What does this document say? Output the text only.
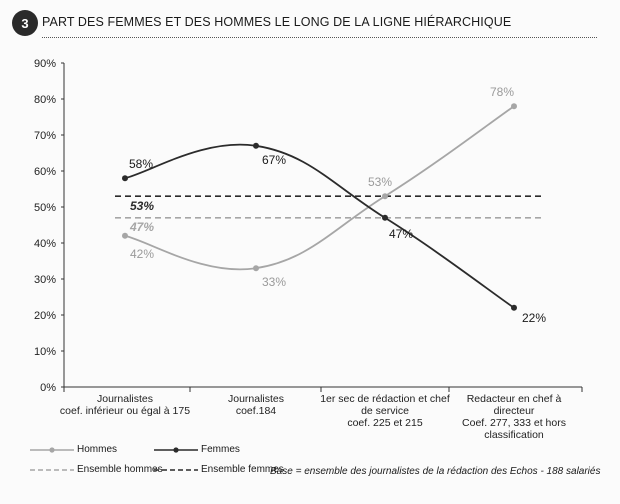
3	PART DES FEMMES ET DES HOMMES LE LONG DE LA LIGNE HIÉRARCHIQUE
0%
10%
20%
30%
40%
50%
60%
70%
80%
90%
Journalistes coef. inférieur ou égal à 175
Journalistes coef.184
1er sec de rédaction et chef de service coef. 225 et 215
Redacteur en chef à directeur Coef. 277, 333 et hors classification
47%
53%
42%
33%
53%
78%
58%	67%
47%
22%
Hommes	Femmes
Ensemble hommes	Ensemble femmes
Base = ensemble des journalistes de la rédaction des Echos - 188 salariés
